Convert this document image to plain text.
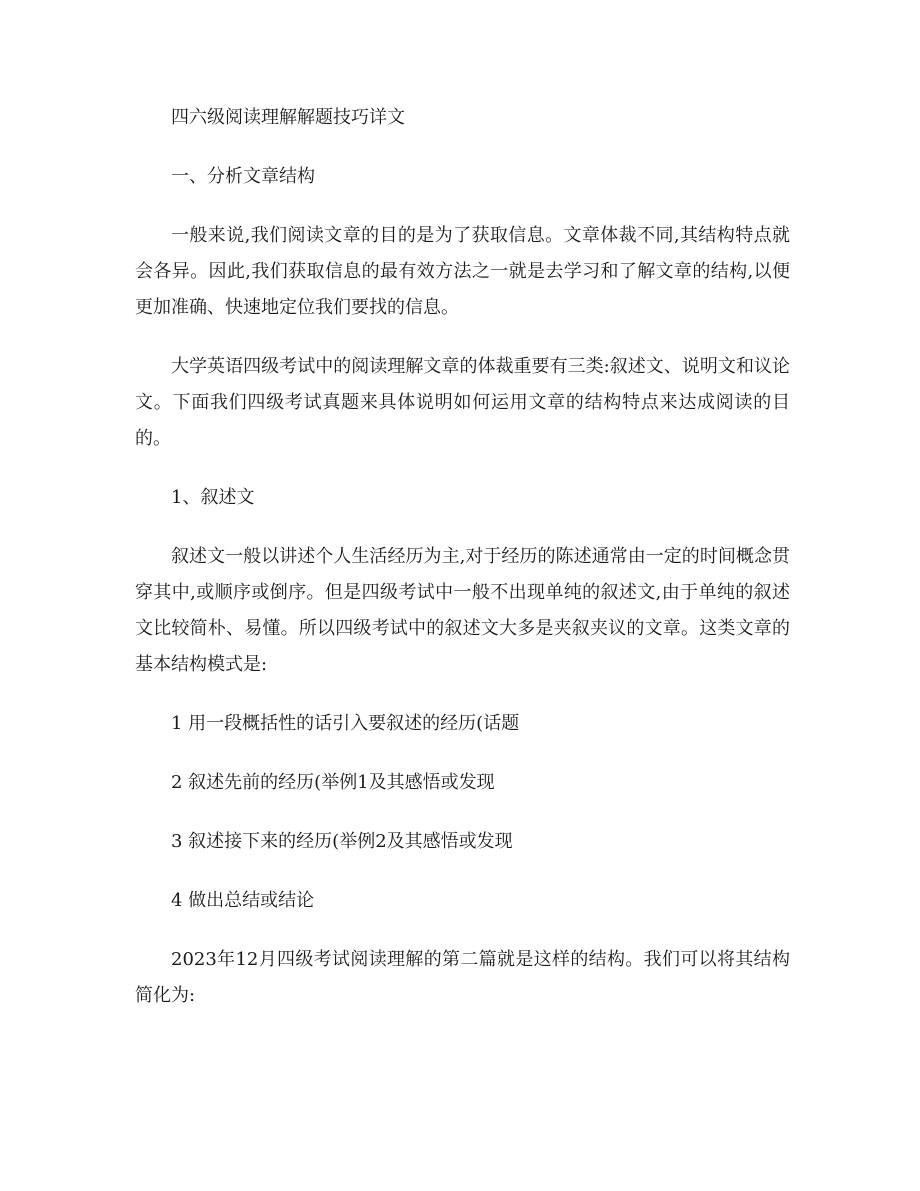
四六级阅读理解解题技巧详文

一、分析文章结构

一般来说,我们阅读文章的目的是为了获取信息。文章体裁不同,其结构特点就会各异。因此,我们获取信息的最有效方法之一就是去学习和了解文章的结构,以便更加准确、快速地定位我们要找的信息。

大学英语四级考试中的阅读理解文章的体裁重要有三类:叙述文、说明文和议论文。下面我们四级考试真题来具体说明如何运用文章的结构特点来达成阅读的目的。

1、叙述文

叙述文一般以讲述个人生活经历为主,对于经历的陈述通常由一定的时间概念贯穿其中,或顺序或倒序。但是四级考试中一般不出现单纯的叙述文,由于单纯的叙述文比较简朴、易懂。所以四级考试中的叙述文大多是夹叙夹议的文章。这类文章的基本结构模式是:

1 用一段概括性的话引入要叙述的经历(话题

2 叙述先前的经历(举例1及其感悟或发现

3 叙述接下来的经历(举例2及其感悟或发现

4 做出总结或结论

2023年12月四级考试阅读理解的第二篇就是这样的结构。我们可以将其结构简化为:
